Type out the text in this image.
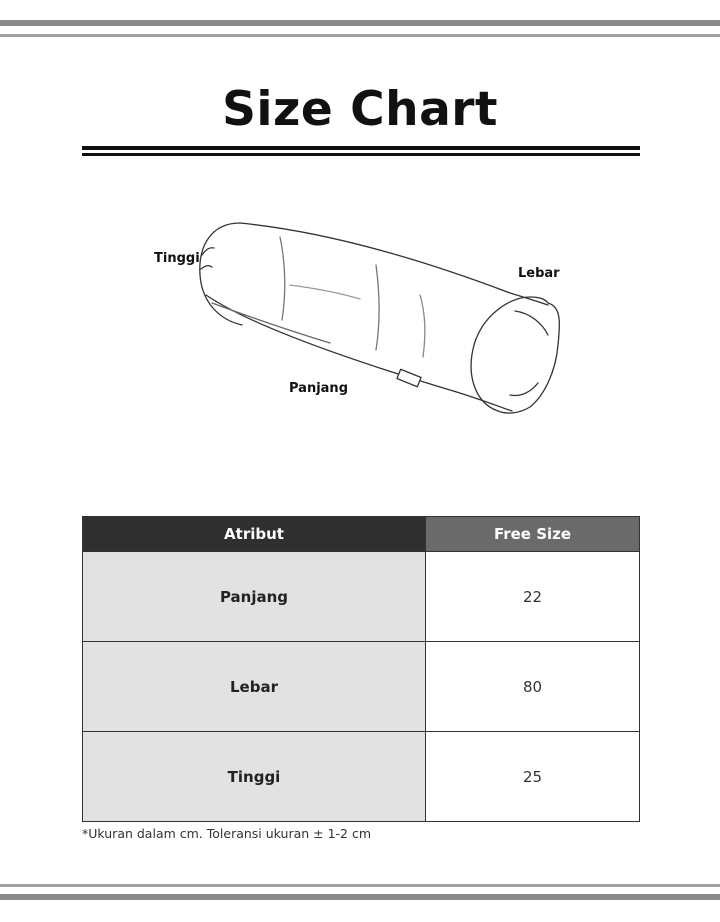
Size Chart
Tinggi
Lebar
Panjang
Atribut	Free Size
Panjang	22
Lebar	80
Tinggi	25
*Ukuran dalam cm. Toleransi ukuran ± 1-2 cm
